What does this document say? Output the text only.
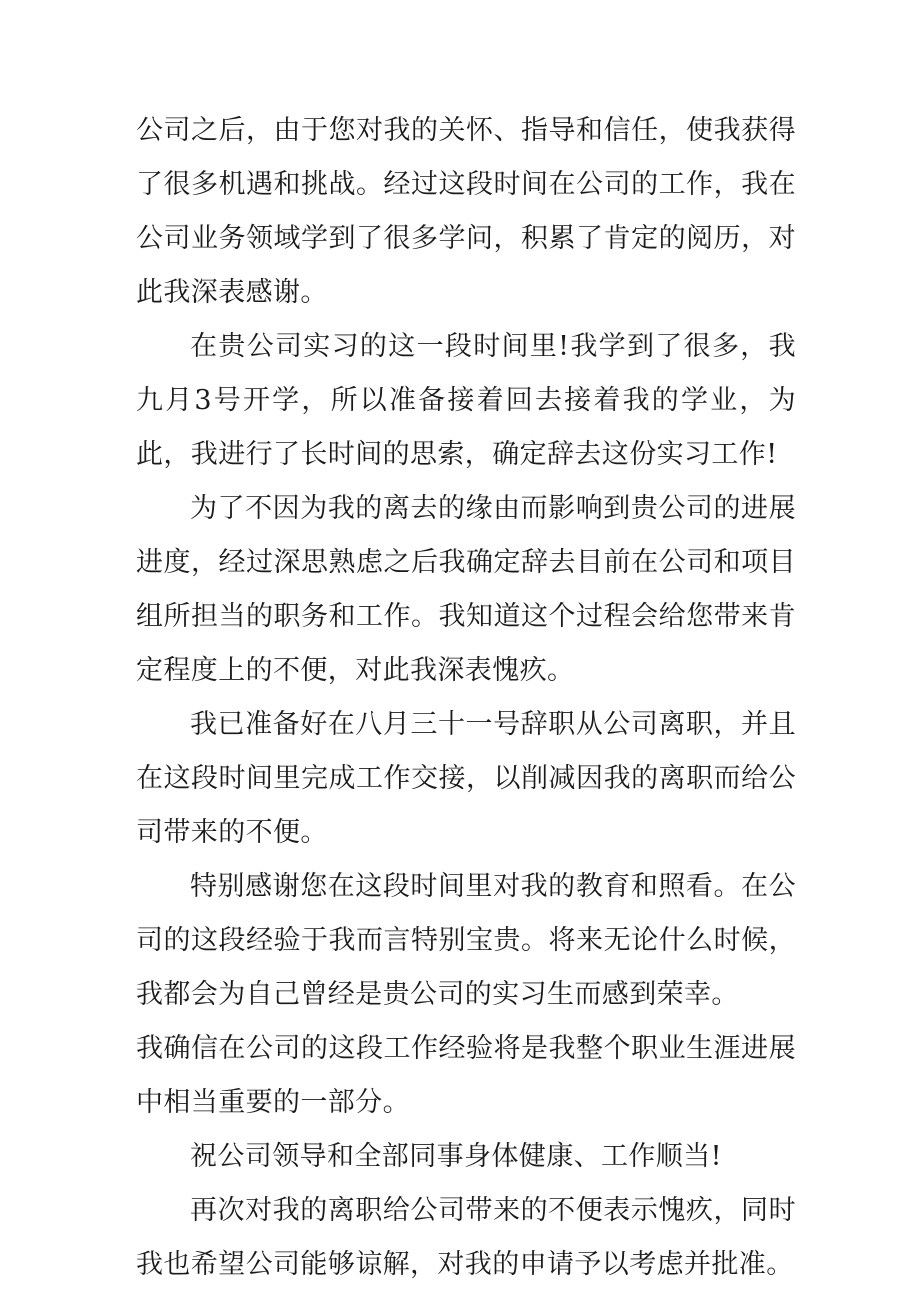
公司之后，由于您对我的关怀、指导和信任，使我获得了很多机遇和挑战。经过这段时间在公司的工作，我在公司业务领域学到了很多学问，积累了肯定的阅历，对此我深表感谢。

在贵公司实习的这一段时间里!我学到了很多，我九月3号开学，所以准备接着回去接着我的学业，为此，我进行了长时间的思索，确定辞去这份实习工作!

为了不因为我的离去的缘由而影响到贵公司的进展进度，经过深思熟虑之后我确定辞去目前在公司和项目组所担当的职务和工作。我知道这个过程会给您带来肯定程度上的不便，对此我深表愧疚。

我已准备好在八月三十一号辞职从公司离职，并且在这段时间里完成工作交接，以削减因我的离职而给公司带来的不便。

特别感谢您在这段时间里对我的教育和照看。在公司的这段经验于我而言特别宝贵。将来无论什么时候，我都会为自己曾经是贵公司的实习生而感到荣幸。

我确信在公司的这段工作经验将是我整个职业生涯进展中相当重要的一部分。

祝公司领导和全部同事身体健康、工作顺当!

再次对我的离职给公司带来的不便表示愧疚，同时我也希望公司能够谅解，对我的申请予以考虑并批准。
